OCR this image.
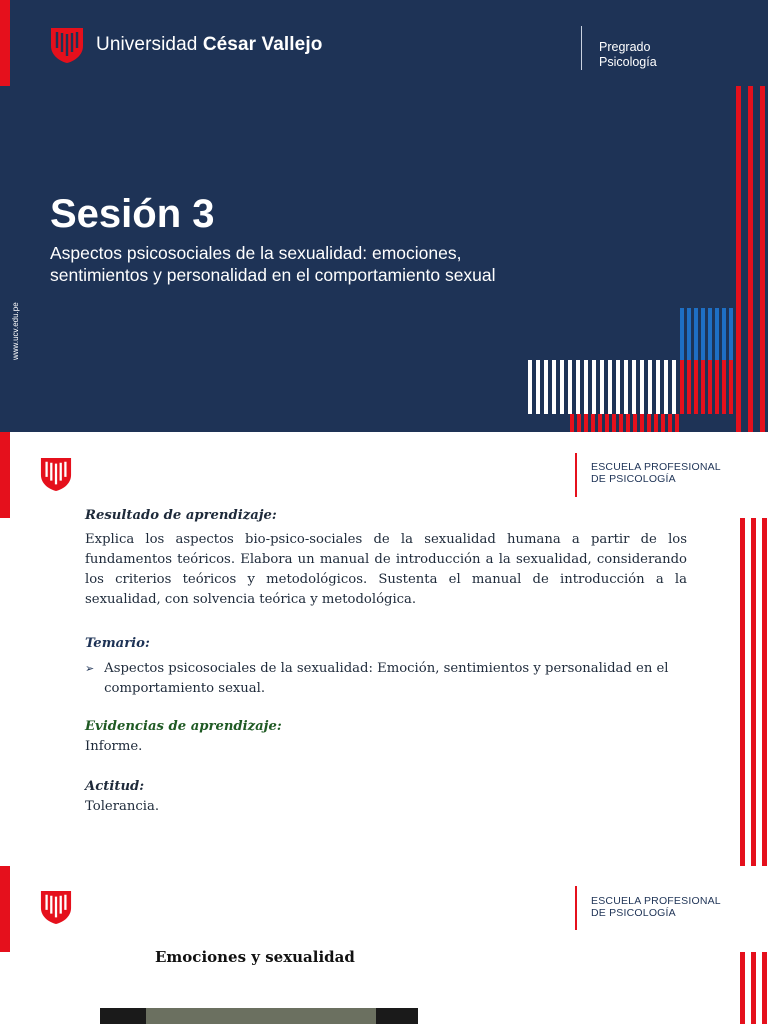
Universidad César Vallejo	Pregrado
Psicología
Sesión 3

Aspectos psicosociales de la sexualidad: emociones, sentimientos y personalidad en el comportamiento sexual

www.ucv.edu.pe
ESCUELA PROFESIONAL
DE PSICOLOGÍA
Resultado de aprendizaje:

Explica los aspectos bio-psico-sociales de la sexualidad humana a partir de los fundamentos teóricos. Elabora un manual de introducción a la sexualidad, considerando los criterios teóricos y metodológicos. Sustenta el manual de introducción a la sexualidad, con solvencia teórica y metodológica.

Temario:
➢ Aspectos psicosociales de la sexualidad: Emoción, sentimientos y personalidad en el comportamiento sexual.
Evidencias de aprendizaje:
Informe.
Actitud:
Tolerancia.
ESCUELA PROFESIONAL
DE PSICOLOGÍA
Emociones y sexualidad
